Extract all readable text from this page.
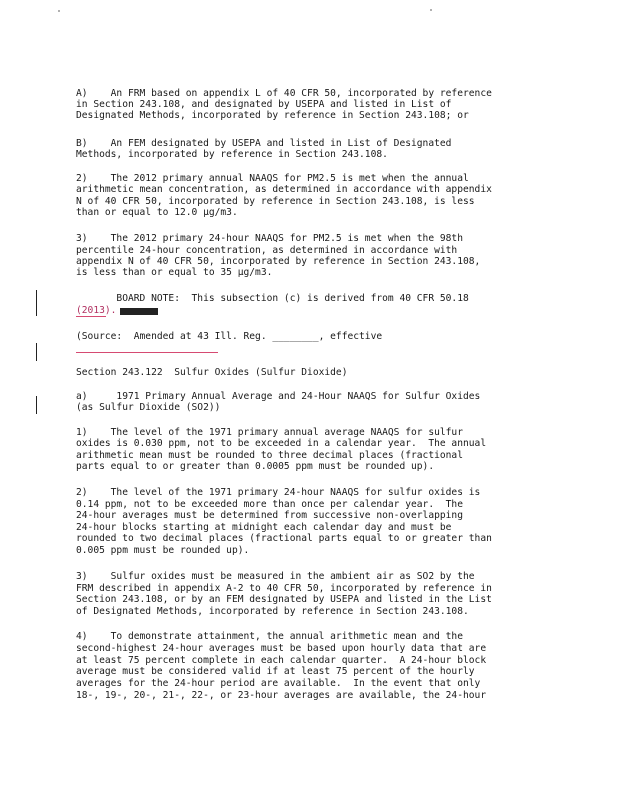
A)    An FRM based on appendix L of 40 CFR 50, incorporated by reference
in Section 243.108, and designated by USEPA and listed in List of
Designated Methods, incorporated by reference in Section 243.108; or
B)    An FEM designated by USEPA and listed in List of Designated
Methods, incorporated by reference in Section 243.108.
2)    The 2012 primary annual NAAQS for PM2.5 is met when the annual
arithmetic mean concentration, as determined in accordance with appendix
N of 40 CFR 50, incorporated by reference in Section 243.108, is less
than or equal to 12.0 μg/m3.
3)    The 2012 primary 24-hour NAAQS for PM2.5 is met when the 98th
percentile 24-hour concentration, as determined in accordance with
appendix N of 40 CFR 50, incorporated by reference in Section 243.108,
is less than or equal to 35 μg/m3.
BOARD NOTE:  This subsection (c) is derived from 40 CFR 50.18
(2013).
(Source:  Amended at 43 Ill. Reg. ________, effective
Section 243.122  Sulfur Oxides (Sulfur Dioxide)
a)     1971 Primary Annual Average and 24-Hour NAAQS for Sulfur Oxides
(as Sulfur Dioxide (SO2))
1)    The level of the 1971 primary annual average NAAQS for sulfur
oxides is 0.030 ppm, not to be exceeded in a calendar year.  The annual
arithmetic mean must be rounded to three decimal places (fractional
parts equal to or greater than 0.0005 ppm must be rounded up).
2)    The level of the 1971 primary 24-hour NAAQS for sulfur oxides is
0.14 ppm, not to be exceeded more than once per calendar year.  The
24-hour averages must be determined from successive non-overlapping
24-hour blocks starting at midnight each calendar day and must be
rounded to two decimal places (fractional parts equal to or greater than
0.005 ppm must be rounded up).
3)    Sulfur oxides must be measured in the ambient air as SO2 by the
FRM described in appendix A-2 to 40 CFR 50, incorporated by reference in
Section 243.108, or by an FEM designated by USEPA and listed in the List
of Designated Methods, incorporated by reference in Section 243.108.
4)    To demonstrate attainment, the annual arithmetic mean and the
second-highest 24-hour averages must be based upon hourly data that are
at least 75 percent complete in each calendar quarter.  A 24-hour block
average must be considered valid if at least 75 percent of the hourly
averages for the 24-hour period are available.  In the event that only
18-, 19-, 20-, 21-, 22-, or 23-hour averages are available, the 24-hour
